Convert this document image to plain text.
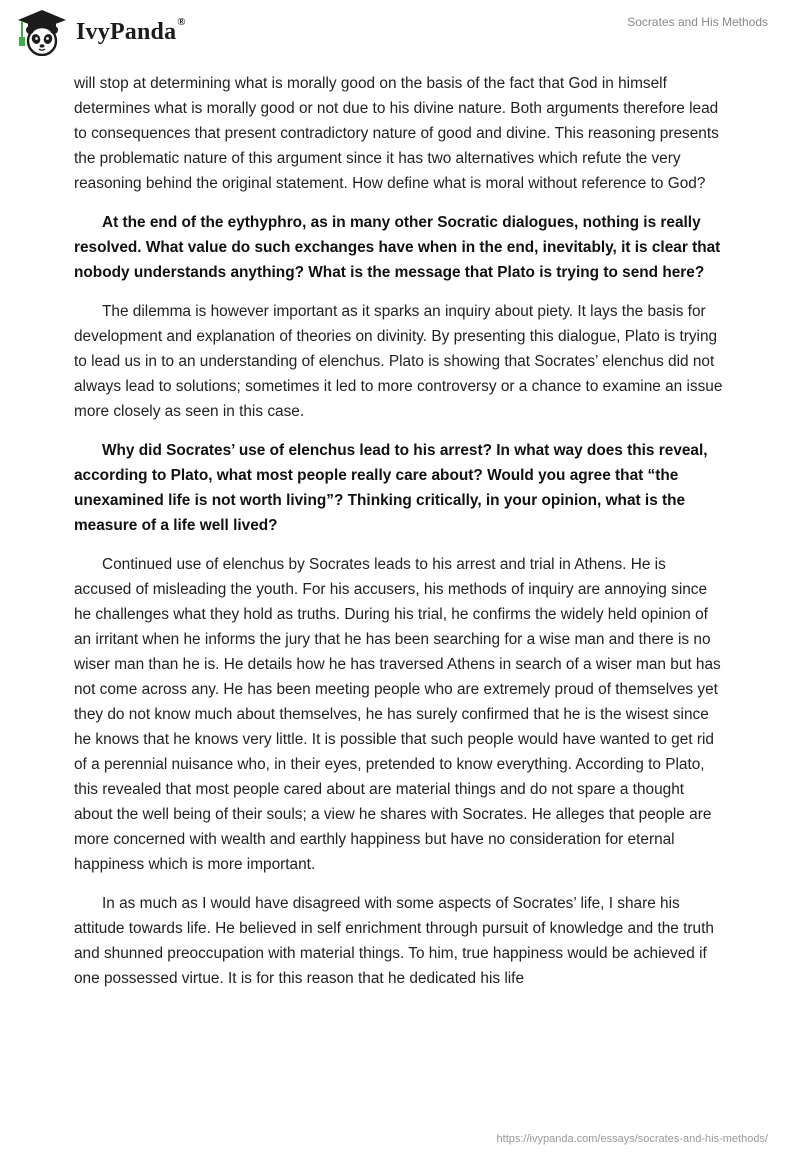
IvyPanda®	Socrates and His Methods

will stop at determining what is morally good on the basis of the fact that God in himself determines what is morally good or not due to his divine nature. Both arguments therefore lead to consequences that present contradictory nature of good and divine. This reasoning presents the problematic nature of this argument since it has two alternatives which refute the very reasoning behind the original statement. How define what is moral without reference to God?

At the end of the eythyphro, as in many other Socratic dialogues, nothing is really resolved. What value do such exchanges have when in the end, inevitably, it is clear that nobody understands anything? What is the message that Plato is trying to send here?

The dilemma is however important as it sparks an inquiry about piety. It lays the basis for development and explanation of theories on divinity. By presenting this dialogue, Plato is trying to lead us in to an understanding of elenchus. Plato is showing that Socrates’ elenchus did not always lead to solutions; sometimes it led to more controversy or a chance to examine an issue more closely as seen in this case.

Why did Socrates’ use of elenchus lead to his arrest? In what way does this reveal, according to Plato, what most people really care about? Would you agree that “the unexamined life is not worth living”? Thinking critically, in your opinion, what is the measure of a life well lived?

Continued use of elenchus by Socrates leads to his arrest and trial in Athens. He is accused of misleading the youth. For his accusers, his methods of inquiry are annoying since he challenges what they hold as truths. During his trial, he confirms the widely held opinion of an irritant when he informs the jury that he has been searching for a wise man and there is no wiser man than he is. He details how he has traversed Athens in search of a wiser man but has not come across any. He has been meeting people who are extremely proud of themselves yet they do not know much about themselves, he has surely confirmed that he is the wisest since he knows that he knows very little. It is possible that such people would have wanted to get rid of a perennial nuisance who, in their eyes, pretended to know everything. According to Plato, this revealed that most people cared about are material things and do not spare a thought about the well being of their souls; a view he shares with Socrates. He alleges that people are more concerned with wealth and earthly happiness but have no consideration for eternal happiness which is more important.

In as much as I would have disagreed with some aspects of Socrates’ life, I share his attitude towards life. He believed in self enrichment through pursuit of knowledge and the truth and shunned preoccupation with material things. To him, true happiness would be achieved if one possessed virtue. It is for this reason that he dedicated his life

https://ivypanda.com/essays/socrates-and-his-methods/
